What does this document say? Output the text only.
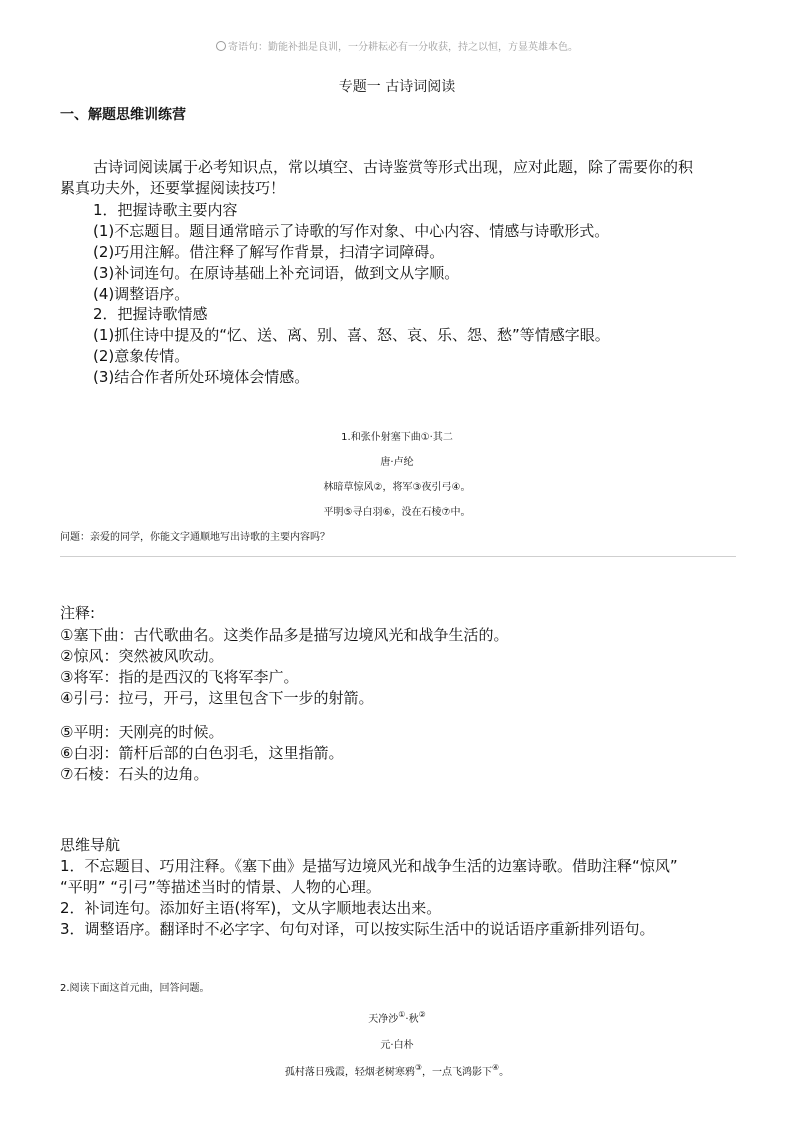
寄语句：勤能补拙是良训，一分耕耘必有一分收获，持之以恒，方显英雄本色。
专题一 古诗词阅读
一、解题思维训练营
古诗词阅读属于必考知识点，常以填空、古诗鉴赏等形式出现，应对此题，除了需要你的积
累真功夫外，还要掌握阅读技巧！
1．把握诗歌主要内容
(1)不忘题目。题目通常暗示了诗歌的写作对象、中心内容、情感与诗歌形式。
(2)巧用注解。借注释了解写作背景，扫清字词障碍。
(3)补词连句。在原诗基础上补充词语，做到文从字顺。
(4)调整语序。
2．把握诗歌情感
(1)抓住诗中提及的“忆、送、离、别、喜、怒、哀、乐、怨、愁”等情感字眼。
(2)意象传情。
(3)结合作者所处环境体会情感。
1.和张仆射塞下曲①·其二
唐·卢纶
林暗草惊风②，将军③夜引弓④。
平明⑤寻白羽⑥，没在石棱⑦中。
问题：亲爱的同学，你能文字通顺地写出诗歌的主要内容吗？
注释:
①塞下曲：古代歌曲名。这类作品多是描写边境风光和战争生活的。
②惊风：突然被风吹动。
③将军：指的是西汉的飞将军李广。
④引弓：拉弓，开弓，这里包含下一步的射箭。
⑤平明：天刚亮的时候。
⑥白羽：箭杆后部的白色羽毛，这里指箭。
⑦石棱：石头的边角。
思维导航
1．不忘题目、巧用注释。《塞下曲》是描写边境风光和战争生活的边塞诗歌。借助注释“惊风”
“平明” “引弓”等描述当时的情景、人物的心理。
2．补词连句。添加好主语(将军)，文从字顺地表达出来。
3．调整语序。翻译时不必字字、句句对译，可以按实际生活中的说话语序重新排列语句。
2.阅读下面这首元曲，回答问题。
天净沙①·秋②
元·白朴
孤村落日残霞，轻烟老树寒鸦③，一点飞鸿影下④。
